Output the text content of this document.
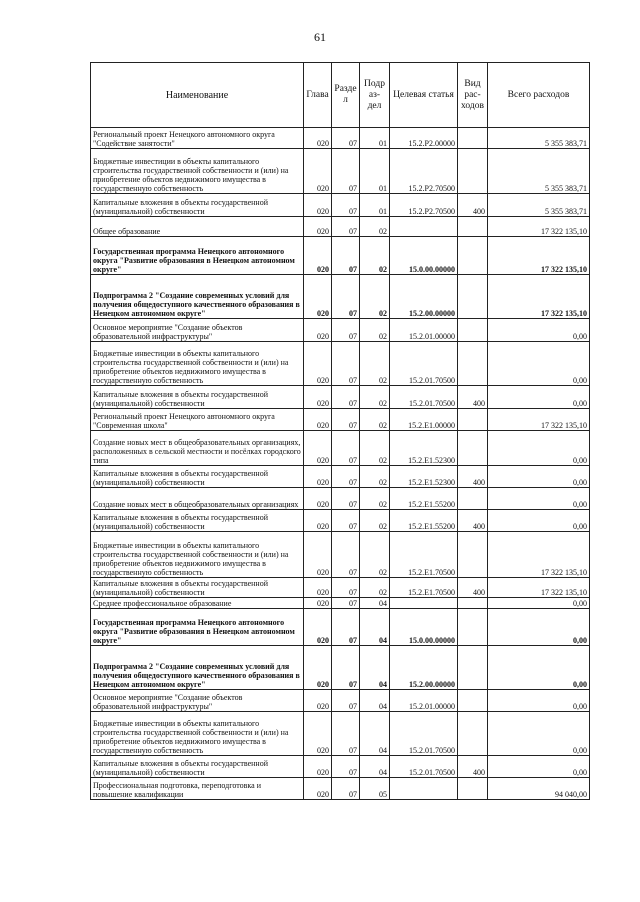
61
Наименование	Глава	Разде л	Подр аз- дел	Целевая статья	Вид рас- ходов	Всего расходов
Региональный проект Ненецкого автономного округа "Содействие занятости"	020	07	01	15.2.P2.00000		5 355 383,71
Бюджетные инвестиции в объекты капитального строительства государственной собственности и (или) на приобретение объектов недвижимого имущества в государственную собственность	020	07	01	15.2.P2.70500		5 355 383,71
Капитальные вложения в объекты государственной (муниципальной) собственности	020	07	01	15.2.P2.70500	400	5 355 383,71
Общее образование	020	07	02			17 322 135,10
Государственная программа Ненецкого автономного округа "Развитие образования в Ненецком автономном округе"	020	07	02	15.0.00.00000		17 322 135,10
Подпрограмма 2 "Создание современных условий для получения общедоступного качественного образования в Ненецком автономном округе"	020	07	02	15.2.00.00000		17 322 135,10
Основное мероприятие "Создание объектов образовательной инфраструктуры"	020	07	02	15.2.01.00000		0,00
Бюджетные инвестиции в объекты капитального строительства государственной собственности и (или) на приобретение объектов недвижимого имущества в государственную собственность	020	07	02	15.2.01.70500		0,00
Капитальные вложения в объекты государственной (муниципальной) собственности	020	07	02	15.2.01.70500	400	0,00
Региональный проект Ненецкого автономного округа "Современная школа"	020	07	02	15.2.E1.00000		17 322 135,10
Создание новых мест в общеобразовательных организациях, расположенных в сельской местности и посёлках городского типа	020	07	02	15.2.E1.52300		0,00
Капитальные вложения в объекты государственной (муниципальной) собственности	020	07	02	15.2.E1.52300	400	0,00
Создание новых мест в общеобразовательных организациях	020	07	02	15.2.E1.55200		0,00
Капитальные вложения в объекты государственной (муниципальной) собственности	020	07	02	15.2.E1.55200	400	0,00
Бюджетные инвестиции в объекты капитального строительства государственной собственности и (или) на приобретение объектов недвижимого имущества в государственную собственность	020	07	02	15.2.E1.70500		17 322 135,10
Капитальные вложения в объекты государственной (муниципальной) собственности	020	07	02	15.2.E1.70500	400	17 322 135,10
Среднее профессиональное образование	020	07	04			0,00
Государственная программа Ненецкого автономного округа "Развитие образования в Ненецком автономном округе"	020	07	04	15.0.00.00000		0,00
Подпрограмма 2 "Создание современных условий для получения общедоступного качественного образования в Ненецком автономном округе"	020	07	04	15.2.00.00000		0,00
Основное мероприятие "Создание объектов образовательной инфраструктуры"	020	07	04	15.2.01.00000		0,00
Бюджетные инвестиции в объекты капитального строительства государственной собственности и (или) на приобретение объектов недвижимого имущества в государственную собственность	020	07	04	15.2.01.70500		0,00
Капитальные вложения в объекты государственной (муниципальной) собственности	020	07	04	15.2.01.70500	400	0,00
Профессиональная подготовка, переподготовка и повышение квалификации	020	07	05			94 040,00
